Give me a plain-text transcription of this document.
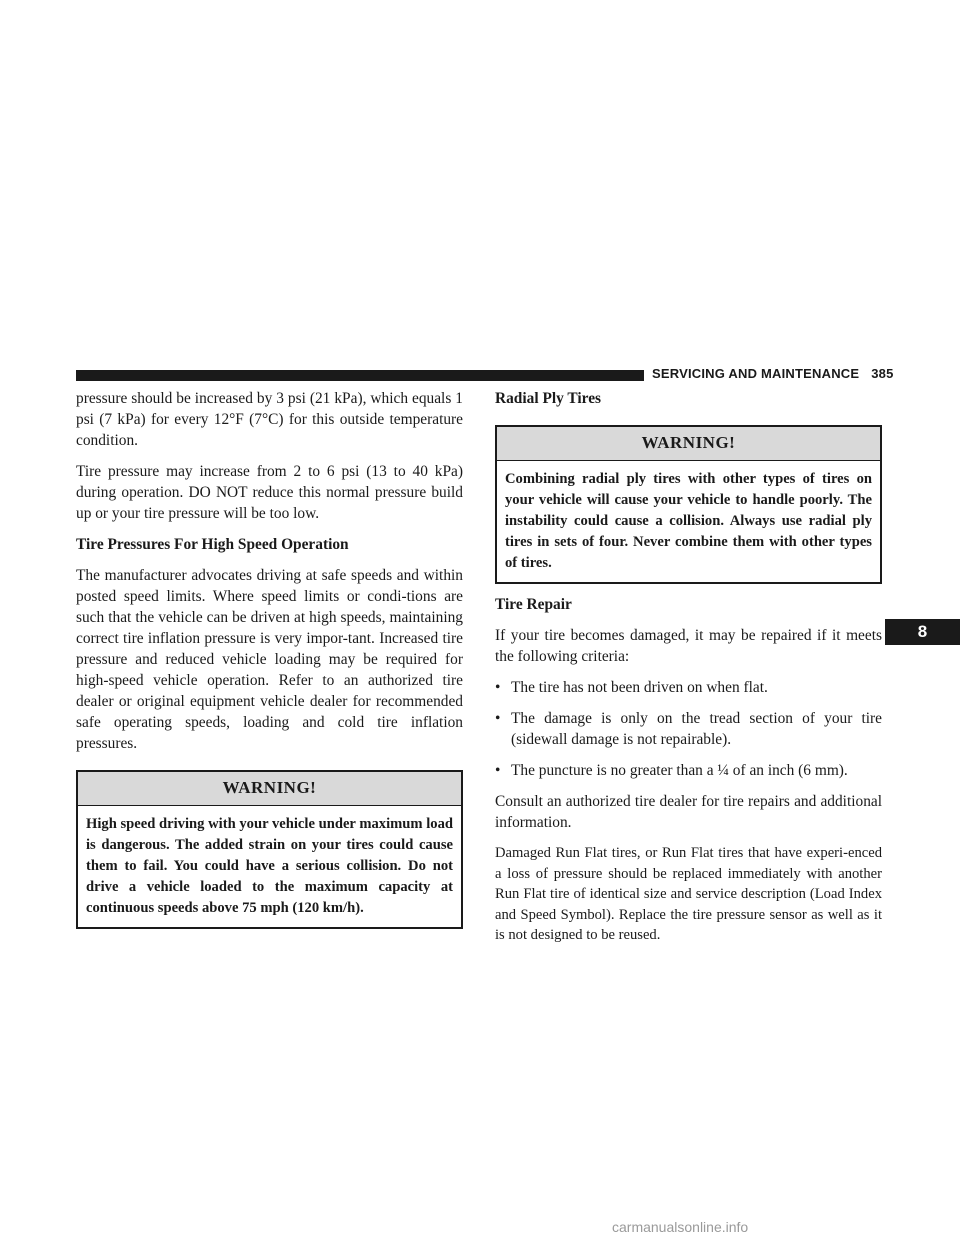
SERVICING AND MAINTENANCE 385

pressure should be increased by 3 psi (21 kPa), which equals 1 psi (7 kPa) for every 12°F (7°C) for this outside temperature condition.

Tire pressure may increase from 2 to 6 psi (13 to 40 kPa) during operation. DO NOT reduce this normal pressure build up or your tire pressure will be too low.

Tire Pressures For High Speed Operation

The manufacturer advocates driving at safe speeds and within posted speed limits. Where speed limits or condi-tions are such that the vehicle can be driven at high speeds, maintaining correct tire inflation pressure is very impor-tant. Increased tire pressure and reduced vehicle loading may be required for high-speed vehicle operation. Refer to an authorized tire dealer or original equipment vehicle dealer for recommended safe operating speeds, loading and cold tire inflation pressures.

WARNING!
High speed driving with your vehicle under maximum load is dangerous. The added strain on your tires could cause them to fail. You could have a serious collision. Do not drive a vehicle loaded to the maximum capacity at continuous speeds above 75 mph (120 km/h).
Radial Ply Tires
WARNING!
Combining radial ply tires with other types of tires on your vehicle will cause your vehicle to handle poorly. The instability could cause a collision. Always use radial ply tires in sets of four. Never combine them with other types of tires.
Tire Repair

If your tire becomes damaged, it may be repaired if it meets the following criteria:

• The tire has not been driven on when flat.
• The damage is only on the tread section of your tire (sidewall damage is not repairable).
• The puncture is no greater than a ¼ of an inch (6 mm).

Consult an authorized tire dealer for tire repairs and additional information.

Damaged Run Flat tires, or Run Flat tires that have experi-enced a loss of pressure should be replaced immediately with another Run Flat tire of identical size and service description (Load Index and Speed Symbol). Replace the tire pressure sensor as well as it is not designed to be reused.

8
carmanualsonline.info
